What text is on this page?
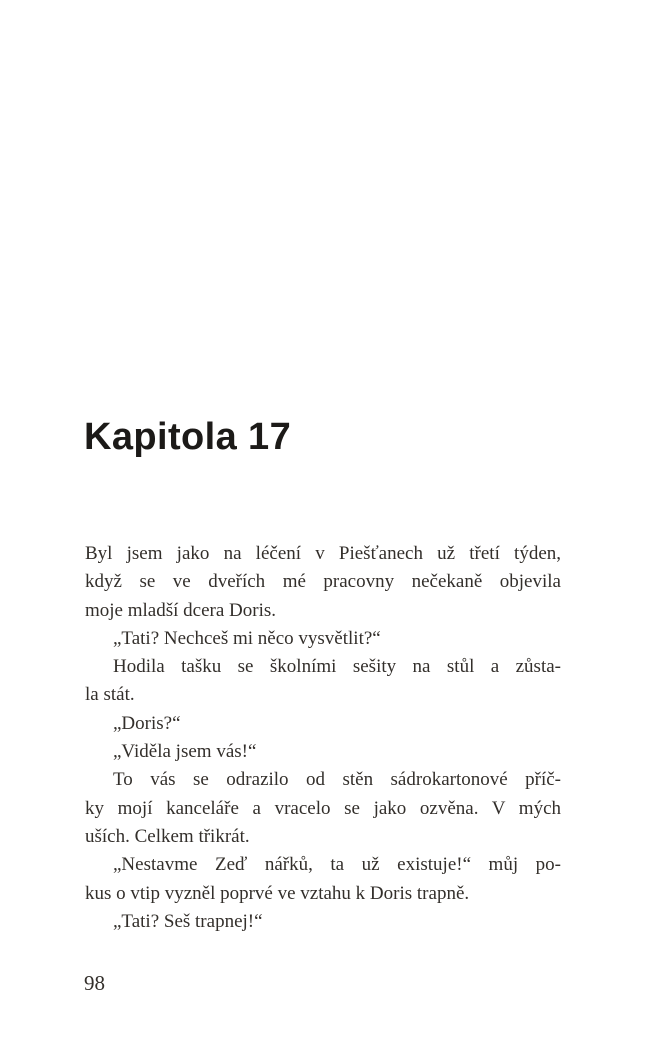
Kapitola 17
Byl jsem jako na léčení v Piešťanech už třetí týden,
když se ve dveřích mé pracovny nečekaně objevila
moje mladší dcera Doris.
„Tati? Nechceš mi něco vysvětlit?“
Hodila tašku se školními sešity na stůl a zůsta-
la stát.
„Doris?“
„Viděla jsem vás!“
To vás se odrazilo od stěn sádrokartonové příč-
ky mojí kanceláře a vracelo se jako ozvěna. V mých
uších. Celkem třikrát.
„Nestavme Zeď nářků, ta už existuje!“ můj po-
kus o vtip vyzněl poprvé ve vztahu k Doris trapně.
„Tati? Seš trapnej!“
98
